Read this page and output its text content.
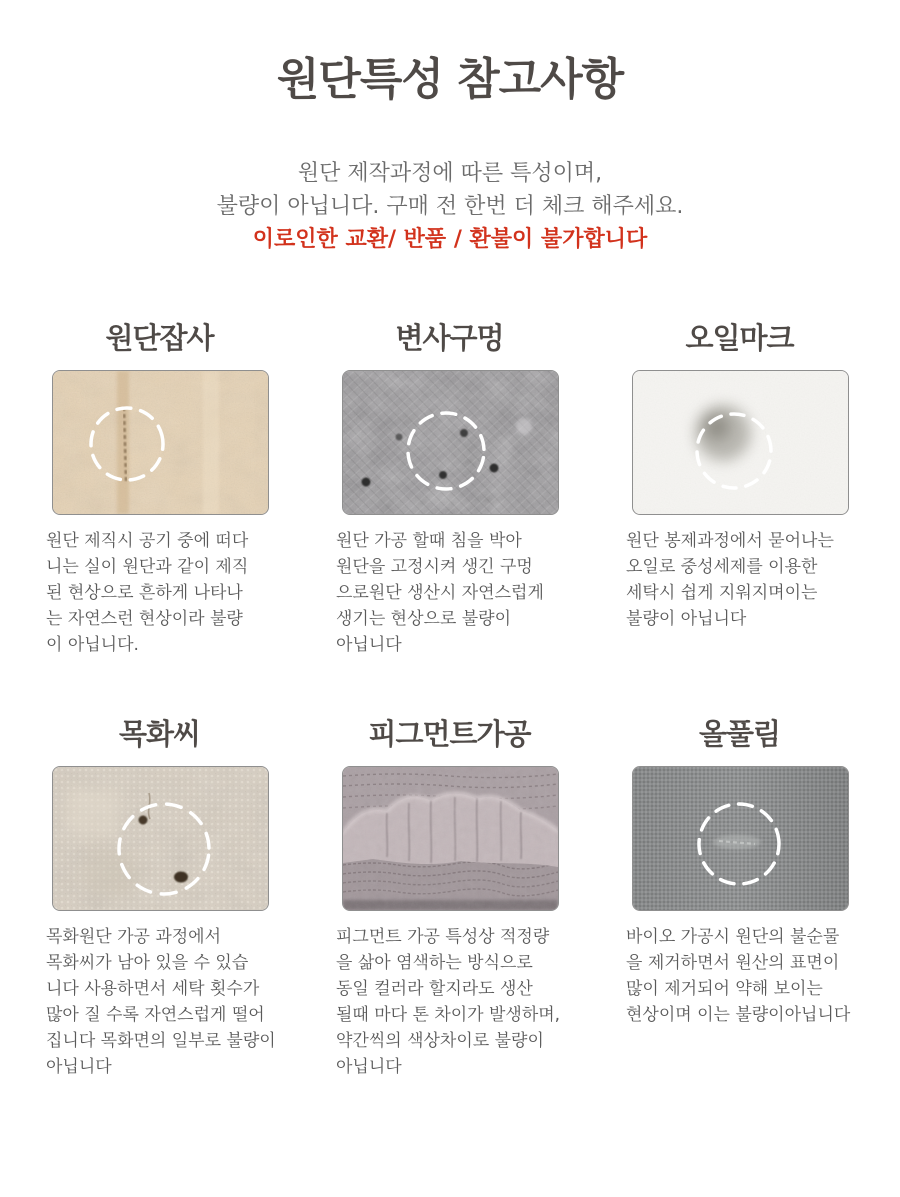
원단특성 참고사항

원단 제작과정에 따른 특성이며,
불량이 아닙니다. 구매 전 한번 더 체크 해주세요.

이로인한 교환/ 반품 / 환불이 불가합니다

원단잡사

원단 제직시 공기 중에 떠다
니는 실이 원단과 같이 제직
된 현상으로 흔하게 나타나
는 자연스런 현상이라 불량
이 아닙니다.

변사구멍

원단 가공 할때 침을 박아
원단을 고정시켜 생긴 구멍
으로원단 생산시 자연스럽게
생기는 현상으로 불량이
아닙니다

오일마크

원단 봉제과정에서 묻어나는
오일로 중성세제를 이용한
세탁시 쉽게 지워지며이는
불량이 아닙니다

목화씨

목화원단 가공 과정에서
목화씨가 남아 있을 수 있습
니다 사용하면서 세탁 횟수가
많아 질 수록 자연스럽게 떨어
집니다 목화면의 일부로 불량이
아닙니다

피그먼트가공

피그먼트 가공 특성상 적정량
을 삶아 염색하는 방식으로
동일 컬러라 할지라도 생산
될때 마다 톤 차이가 발생하며,
약간씩의 색상차이로 불량이
아닙니다

올풀림

바이오 가공시 원단의 불순물
을 제거하면서 원산의 표면이
많이 제거되어 약해 보이는
현상이며 이는 불량이아닙니다
